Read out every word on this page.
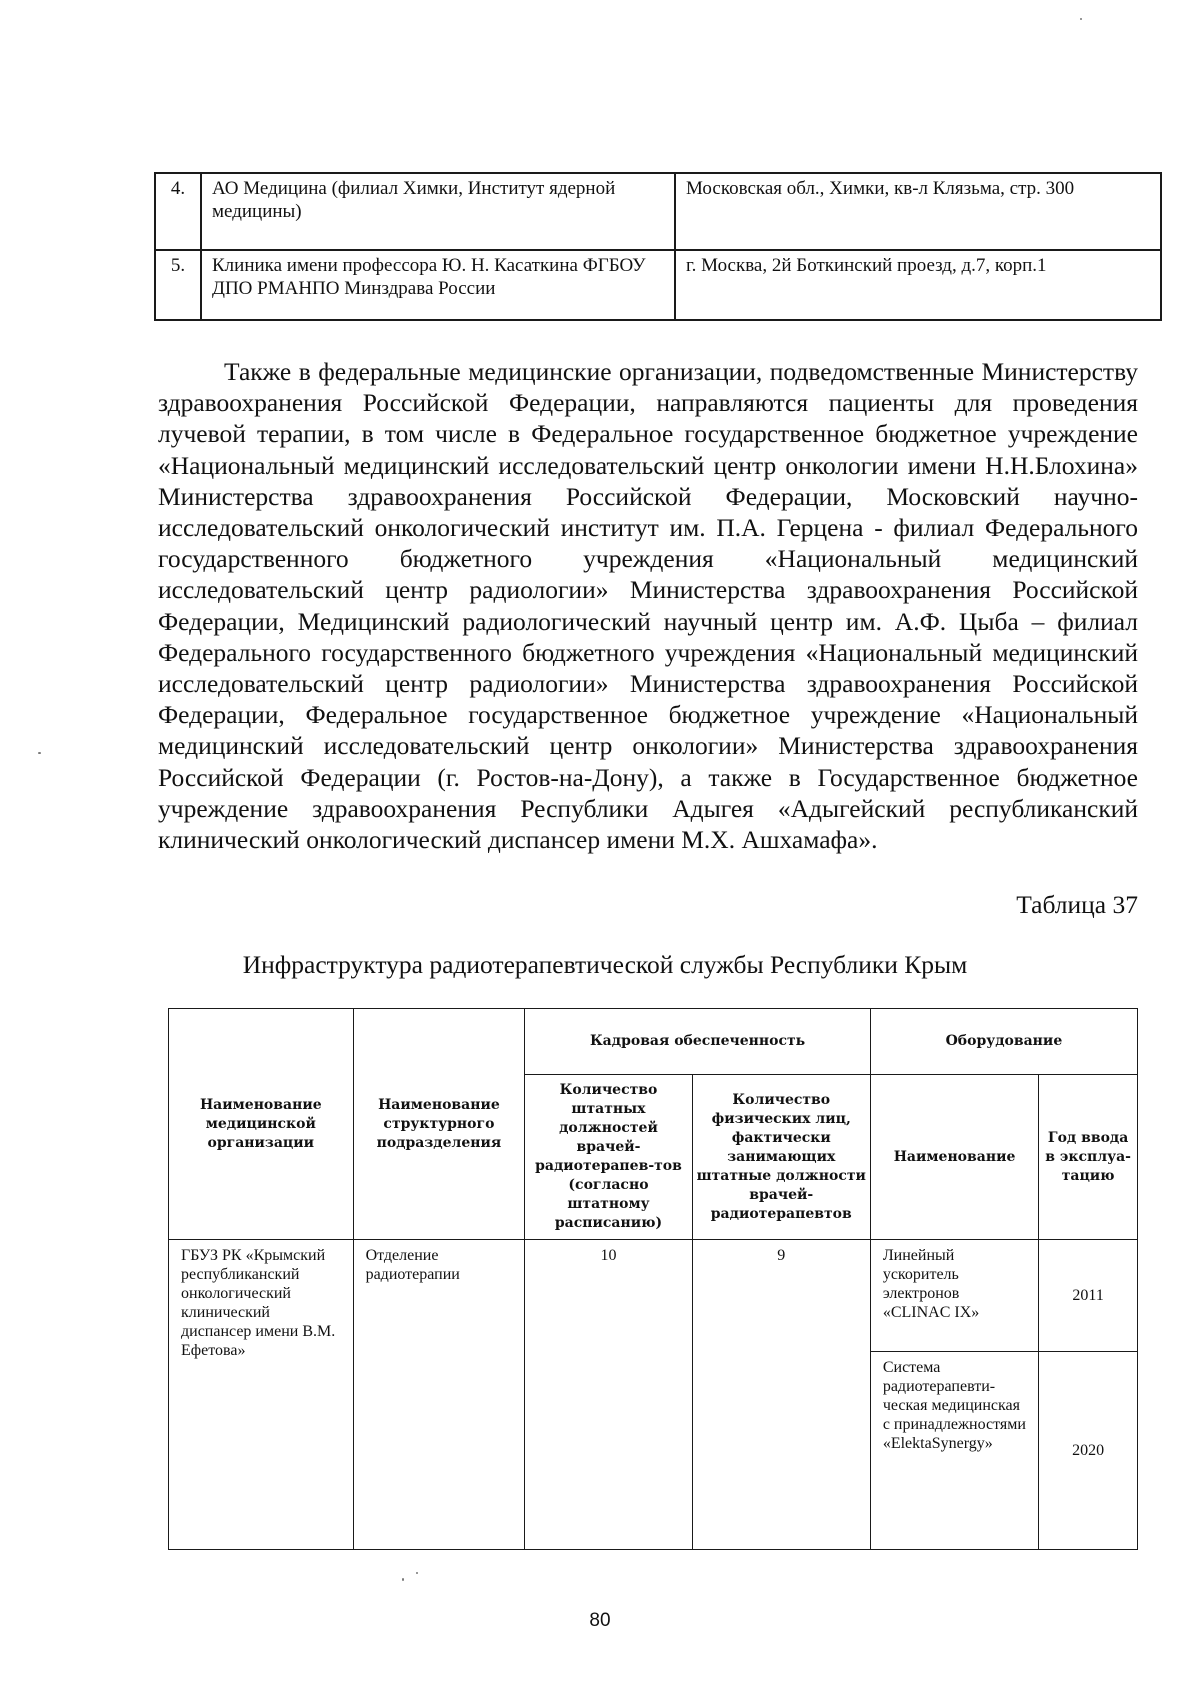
4.	АО Медицина (филиал Химки, Институт ядерной медицины)	Московская обл., Химки, кв-л Клязьма, стр. 300
5.	Клиника имени профессора Ю. Н. Касаткина ФГБОУ ДПО РМАНПО Минздрава России	г. Москва, 2й Боткинский проезд, д.7, корп.1

Также в федеральные медицинские организации, подведомственные Министерству здравоохранения Российской Федерации, направляются пациенты для проведения лучевой терапии, в том числе в Федеральное государственное бюджетное учреждение «Национальный медицинский исследовательский центр онкологии имени Н.Н.Блохина» Министерства здравоохранения Российской Федерации, Московский научно-исследовательский онкологический институт им. П.А. Герцена - филиал Федерального государственного бюджетного учреждения «Национальный медицинский исследовательский центр радиологии» Министерства здравоохранения Российской Федерации, Медицинский радиологический научный центр им. А.Ф. Цыба – филиал Федерального государственного бюджетного учреждения «Национальный медицинский исследовательский центр радиологии» Министерства здравоохранения Российской Федерации, Федеральное государственное бюджетное учреждение «Национальный медицинский исследовательский центр онкологии» Министерства здравоохранения Российской Федерации (г. Ростов-на-Дону), а также в Государственное бюджетное учреждение здравоохранения Республики Адыгея «Адыгейский республиканский клинический онкологический диспансер имени М.Х. Ашхамафа».

Таблица 37
Инфраструктура радиотерапевтической службы Республики Крым
Наименование медицинской организации	Наименование структурного подразделения	Кадровая обеспеченность		Оборудование	
		Количество штатных должностей врачей-радиотерапев-тов (согласно штатному расписанию)	Количество физических лиц, фактически занимающих штатные должности врачей-радиотерапевтов	Наименование	Год ввода в эксплуа-тацию
ГБУЗ РК «Крымский республиканский онкологический клинический диспансер имени В.М. Ефетова»	Отделение радиотерапии	10	9	Линейный ускоритель электронов «CLINAC IX»	2011
				Система радиотерапевти-ческая медицинская с принадлежностями «ElektaSynergy»	2020
80
